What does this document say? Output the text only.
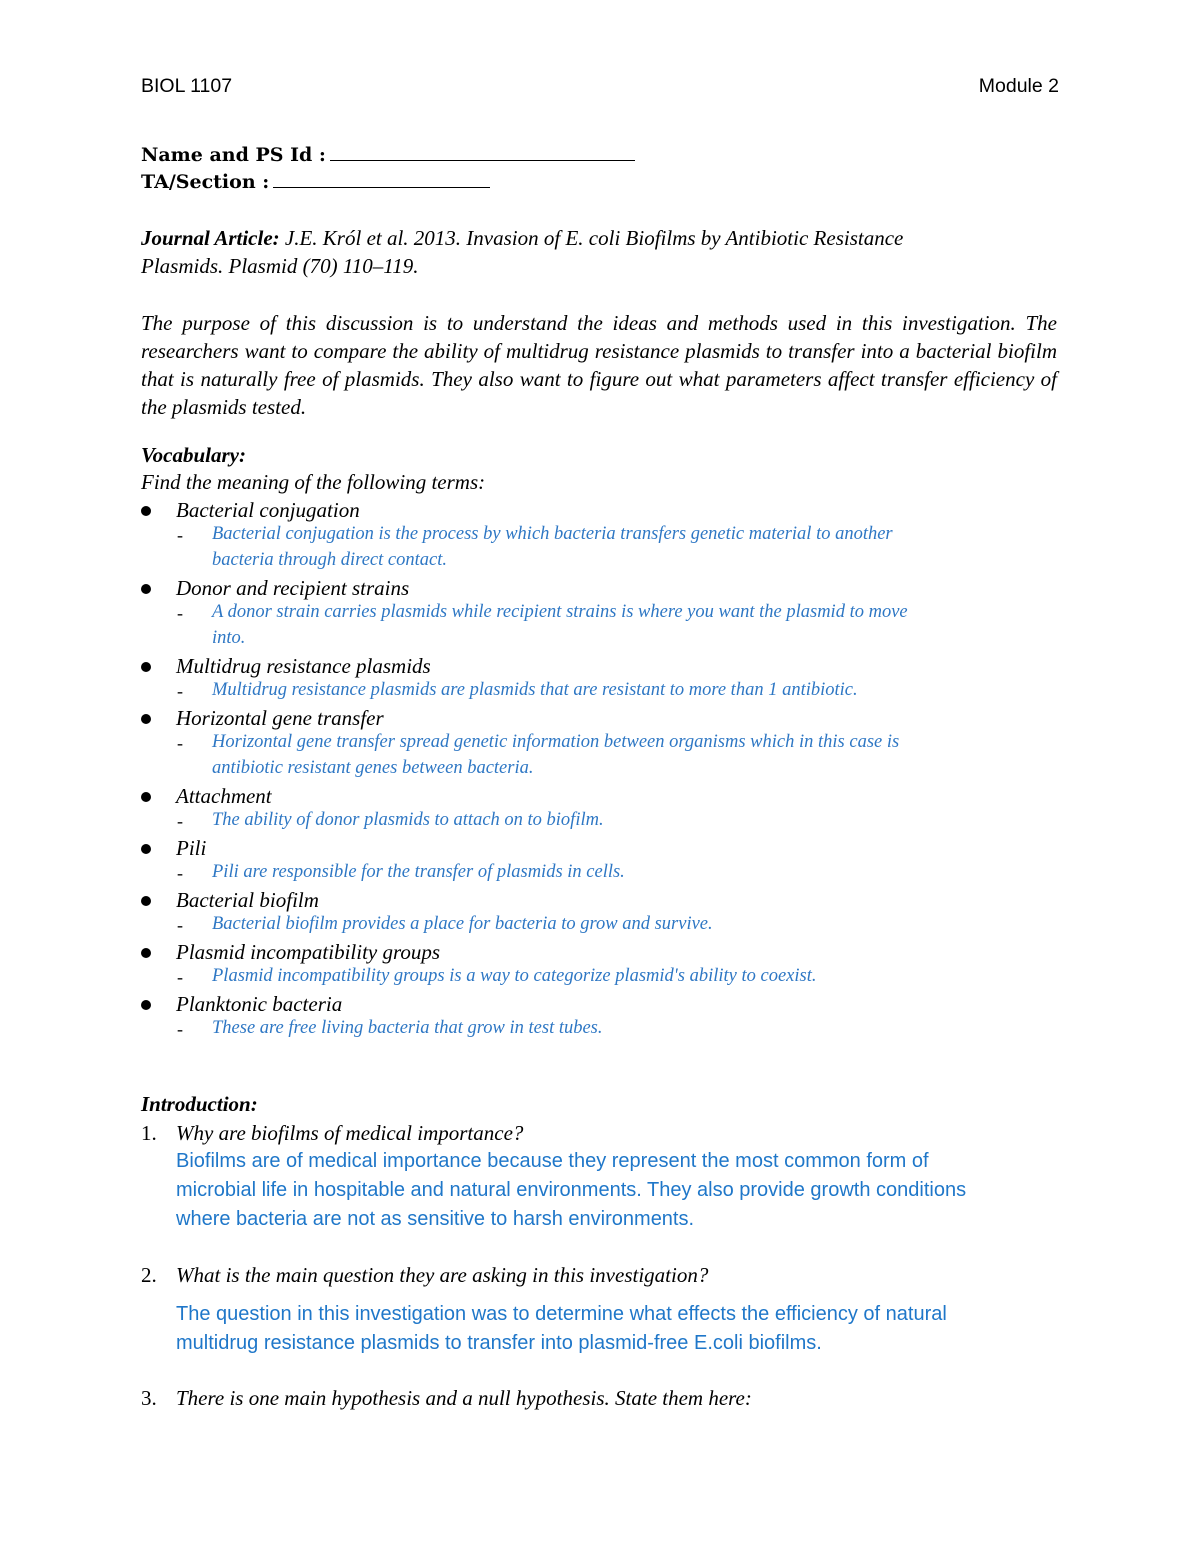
BIOL 1107	Module 2
Name and PS Id :
TA/Section :
Journal Article: J.E. Król et al. 2013. Invasion of E. coli Biofilms by Antibiotic Resistance
Plasmids. Plasmid (70) 110–119.

The purpose of this discussion is to understand the ideas and methods used in this investigation. The researchers want to compare the ability of multidrug resistance plasmids to transfer into a bacterial biofilm that is naturally free of plasmids. They also want to figure out what parameters affect transfer efficiency of the plasmids tested.

Vocabulary:
Find the meaning of the following terms:
Bacterial conjugation
- Bacterial conjugation is the process by which bacteria transfers genetic material to another
bacteria through direct contact.
Donor and recipient strains
- A donor strain carries plasmids while recipient strains is where you want the plasmid to move
into.
Multidrug resistance plasmids
- Multidrug resistance plasmids are plasmids that are resistant to more than 1 antibiotic.
Horizontal gene transfer
- Horizontal gene transfer spread genetic information between organisms which in this case is
antibiotic resistant genes between bacteria.
Attachment
- The ability of donor plasmids to attach on to biofilm.
Pili
- Pili are responsible for the transfer of plasmids in cells.
Bacterial biofilm
- Bacterial biofilm provides a place for bacteria to grow and survive.
Plasmid incompatibility groups
- Plasmid incompatibility groups is a way to categorize plasmid's ability to coexist.
Planktonic bacteria
- These are free living bacteria that grow in test tubes.
Introduction:
1. Why are biofilms of medical importance?
Biofilms are of medical importance because they represent the most common form of
microbial life in hospitable and natural environments. They also provide growth conditions
where bacteria are not as sensitive to harsh environments.
2. What is the main question they are asking in this investigation?
The question in this investigation was to determine what effects the efficiency of natural
multidrug resistance plasmids to transfer into plasmid-free E.coli biofilms.
3. There is one main hypothesis and a null hypothesis. State them here:
